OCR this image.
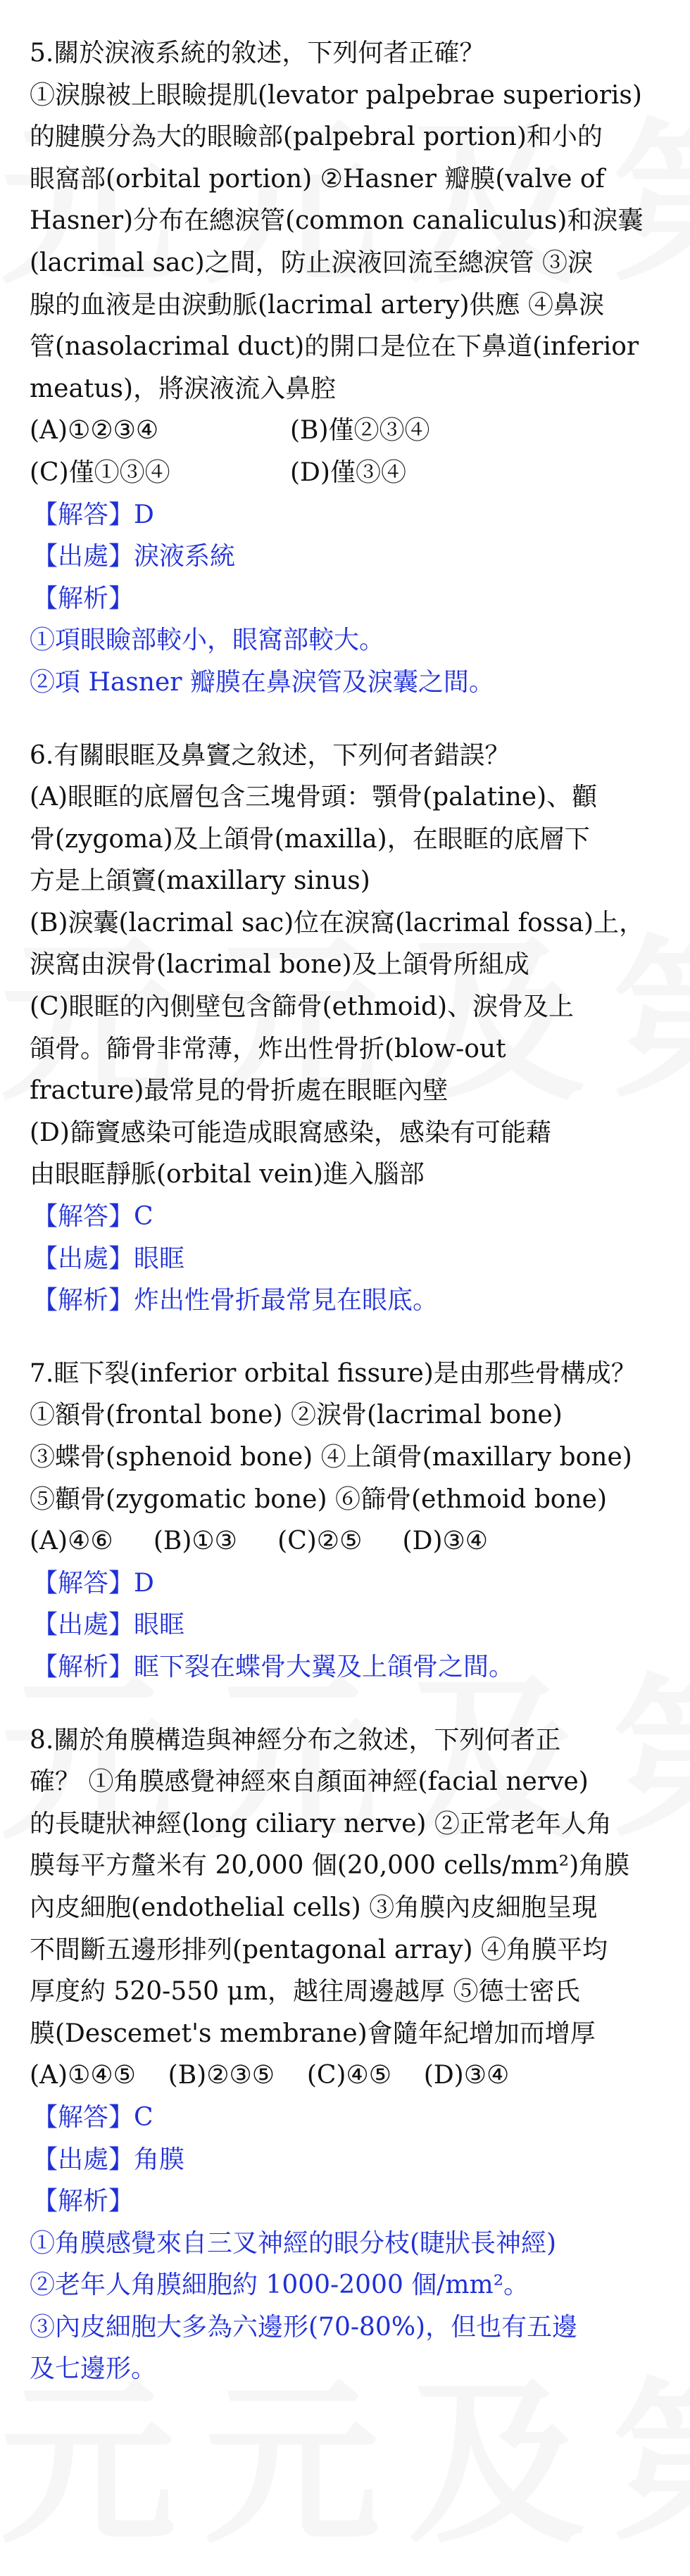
5.關於淚液系統的敘述，下列何者正確？
①淚腺被上眼瞼提肌(levator palpebrae superioris)
的腱膜分為大的眼瞼部(palpebral portion)和小的
眼窩部(orbital portion) ②Hasner 瓣膜(valve of
Hasner)分布在總淚管(common canaliculus)和淚囊
(lacrimal sac)之間，防止淚液回流至總淚管 ③淚
腺的血液是由淚動脈(lacrimal artery)供應 ④鼻淚
管(nasolacrimal duct)的開口是位在下鼻道(inferior
meatus)，將淚液流入鼻腔
(A)①②③④	(B)僅②③④
(C)僅①③④	(D)僅③④
【解答】D
【出處】淚液系統
【解析】
①項眼瞼部較小，眼窩部較大。
②項 Hasner 瓣膜在鼻淚管及淚囊之間。
6.有關眼眶及鼻竇之敘述，下列何者錯誤？
(A)眼眶的底層包含三塊骨頭：顎骨(palatine)、顴
骨(zygoma)及上頜骨(maxilla)，在眼眶的底層下
方是上頜竇(maxillary sinus)
(B)淚囊(lacrimal sac)位在淚窩(lacrimal fossa)上，
淚窩由淚骨(lacrimal bone)及上頜骨所組成
(C)眼眶的內側壁包含篩骨(ethmoid)、淚骨及上
頜骨。篩骨非常薄，炸出性骨折(blow-out
fracture)最常見的骨折處在眼眶內壁
(D)篩竇感染可能造成眼窩感染，感染有可能藉
由眼眶靜脈(orbital vein)進入腦部
【解答】C
【出處】眼眶
【解析】炸出性骨折最常見在眼底。
7.眶下裂(inferior orbital fissure)是由那些骨構成？
①額骨(frontal bone) ②淚骨(lacrimal bone)
③蝶骨(sphenoid bone) ④上頜骨(maxillary bone)
⑤顴骨(zygomatic bone) ⑥篩骨(ethmoid bone)
(A)④⑥     (B)①③     (C)②⑤     (D)③④
【解答】D
【出處】眼眶
【解析】眶下裂在蝶骨大翼及上頜骨之間。
8.關於角膜構造與神經分布之敘述，下列何者正
確？ ①角膜感覺神經來自顏面神經(facial nerve)
的長睫狀神經(long ciliary nerve) ②正常老年人角
膜每平方釐米有 20,000 個(20,000 cells/mm²)角膜
內皮細胞(endothelial cells) ③角膜內皮細胞呈現
不間斷五邊形排列(pentagonal array) ④角膜平均
厚度約 520-550 μm，越往周邊越厚 ⑤德士密氏
膜(Descemet's membrane)會隨年紀增加而增厚
(A)①④⑤    (B)②③⑤    (C)④⑤    (D)③④
【解答】C
【出處】角膜
【解析】
①角膜感覺來自三叉神經的眼分枝(睫狀長神經)
②老年人角膜細胞約 1000-2000 個/mm²。
③內皮細胞大多為六邊形(70-80%)，但也有五邊
及七邊形。
